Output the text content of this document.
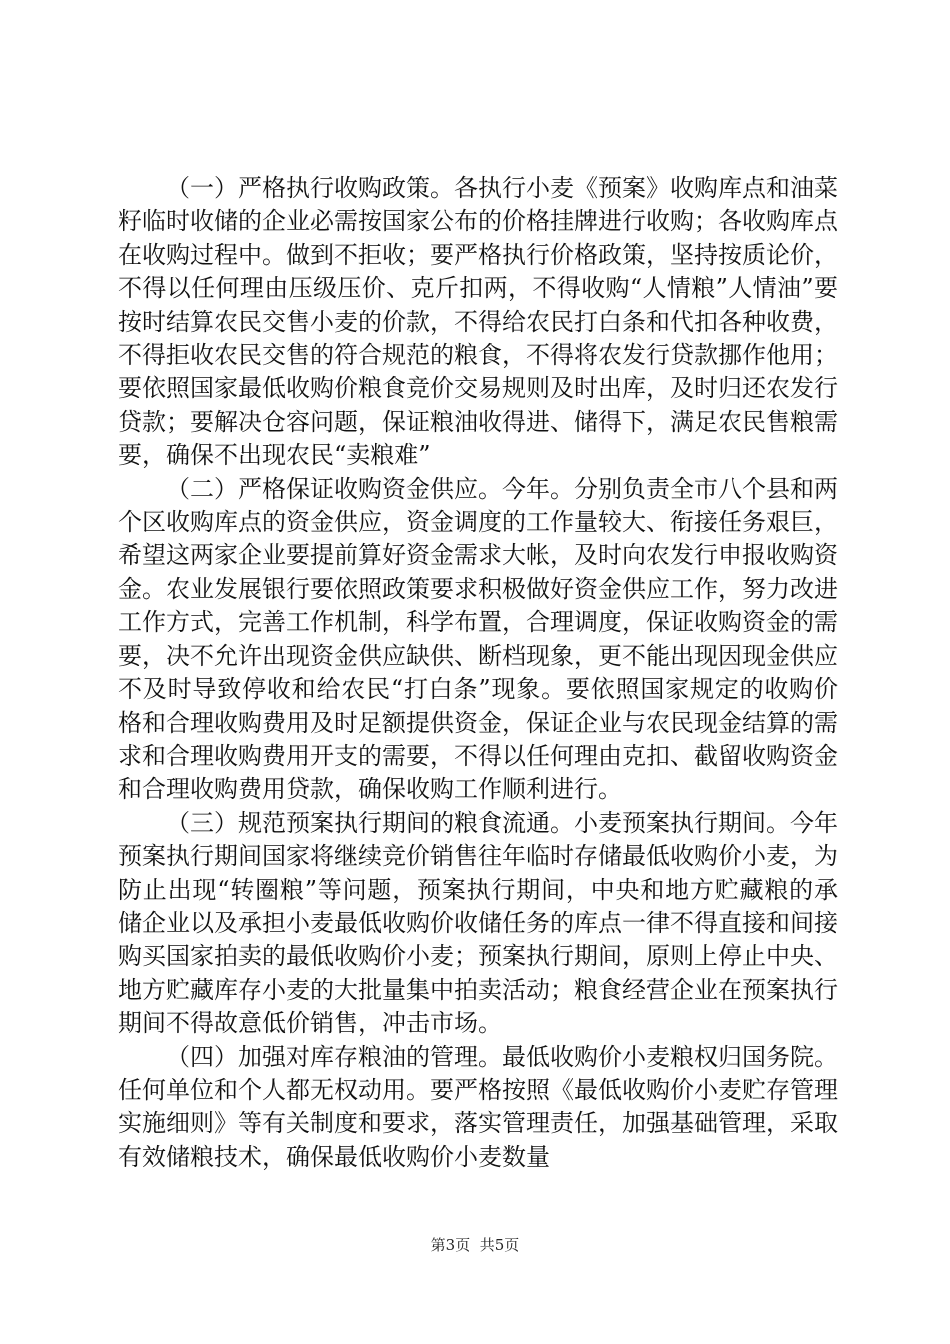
（一）严格执行收购政策。各执行小麦《预案》收购库点和油菜籽临时收储的企业必需按国家公布的价格挂牌进行收购；各收购库点在收购过程中。做到不拒收；要严格执行价格政策，坚持按质论价，不得以任何理由压级压价、克斤扣两，不得收购“人情粮”人情油”要按时结算农民交售小麦的价款，不得给农民打白条和代扣各种收费，不得拒收农民交售的符合规范的粮食，不得将农发行贷款挪作他用；要依照国家最低收购价粮食竞价交易规则及时出库，及时归还农发行贷款；要解决仓容问题，保证粮油收得进、储得下，满足农民售粮需要，确保不出现农民“卖粮难”

（二）严格保证收购资金供应。今年。分别负责全市八个县和两个区收购库点的资金供应，资金调度的工作量较大、衔接任务艰巨，希望这两家企业要提前算好资金需求大帐，及时向农发行申报收购资金。农业发展银行要依照政策要求积极做好资金供应工作，努力改进工作方式，完善工作机制，科学布置，合理调度，保证收购资金的需要，决不允许出现资金供应缺供、断档现象，更不能出现因现金供应不及时导致停收和给农民“打白条”现象。要依照国家规定的收购价格和合理收购费用及时足额提供资金，保证企业与农民现金结算的需求和合理收购费用开支的需要，不得以任何理由克扣、截留收购资金和合理收购费用贷款，确保收购工作顺利进行。

（三）规范预案执行期间的粮食流通。小麦预案执行期间。今年预案执行期间国家将继续竞价销售往年临时存储最低收购价小麦，为防止出现“转圈粮”等问题，预案执行期间，中央和地方贮藏粮的承储企业以及承担小麦最低收购价收储任务的库点一律不得直接和间接购买国家拍卖的最低收购价小麦；预案执行期间，原则上停止中央、地方贮藏库存小麦的大批量集中拍卖活动；粮食经营企业在预案执行期间不得故意低价销售，冲击市场。

（四）加强对库存粮油的管理。最低收购价小麦粮权归国务院。任何单位和个人都无权动用。要严格按照《最低收购价小麦贮存管理实施细则》等有关制度和要求，落实管理责任，加强基础管理，采取有效储粮技术，确保最低收购价小麦数量

第3页 共5页
